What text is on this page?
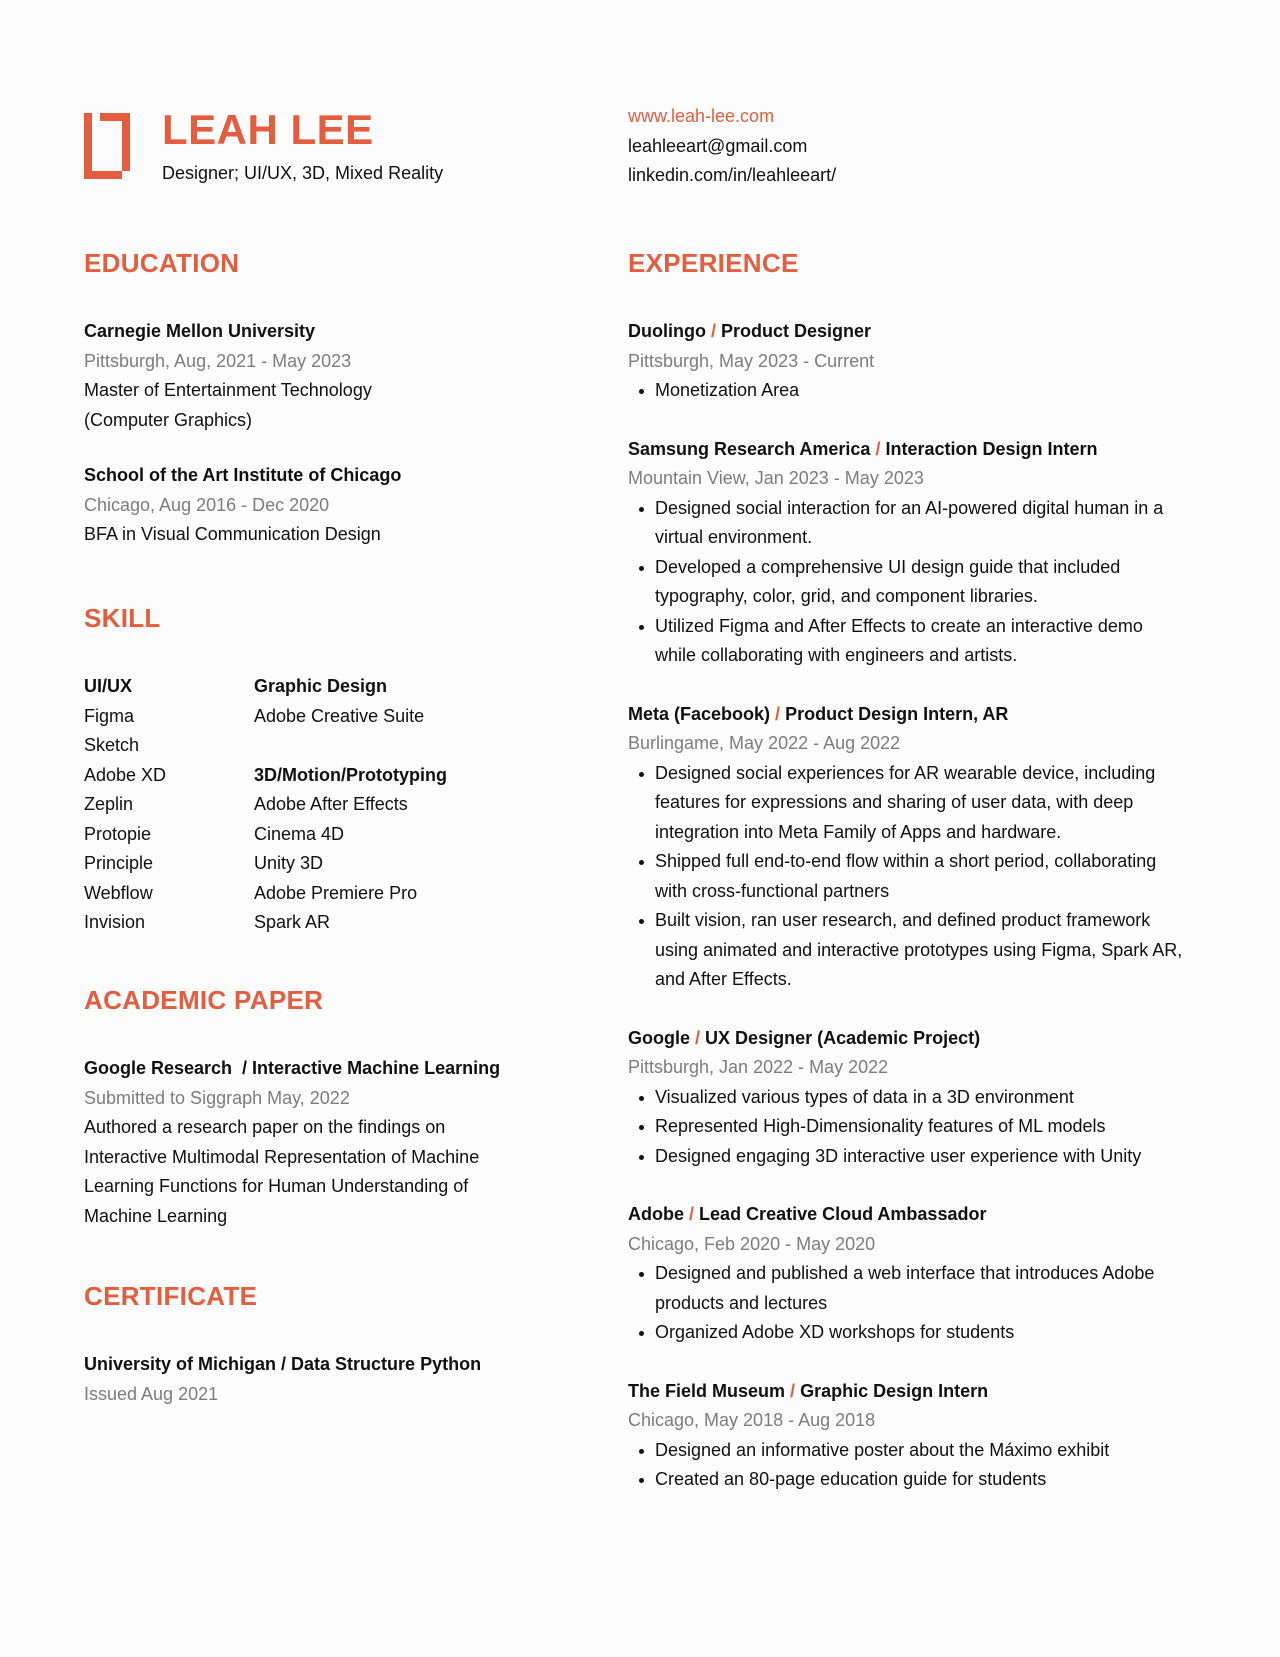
LEAH LEE
Designer; UI/UX, 3D, Mixed Reality
www.leah-lee.com
leahleeart@gmail.com
linkedin.com/in/leahleeart/
EDUCATION
Carnegie Mellon University
Pittsburgh, Aug, 2021 - May 2023
Master of Entertainment Technology
(Computer Graphics)
School of the Art Institute of Chicago
Chicago, Aug 2016 - Dec 2020
BFA in Visual Communication Design
SKILL
UI/UX
Figma
Sketch
Adobe XD
Zeplin
Protopie
Principle
Webflow
Invision
Graphic Design
Adobe Creative Suite
3D/Motion/Prototyping
Adobe After Effects
Cinema 4D
Unity 3D
Adobe Premiere Pro
Spark AR
ACADEMIC PAPER
Google Research  / Interactive Machine Learning
Submitted to Siggraph May, 2022
Authored a research paper on the findings on
Interactive Multimodal Representation of Machine
Learning Functions for Human Understanding of
Machine Learning
CERTIFICATE
University of Michigan / Data Structure Python
Issued Aug 2021
EXPERIENCE
Duolingo / Product Designer
Pittsburgh, May 2023 - Current
Monetization Area
Samsung Research America / Interaction Design Intern
Mountain View, Jan 2023 - May 2023
Designed social interaction for an AI-powered digital human in a
virtual environment.
Developed a comprehensive UI design guide that included
typography, color, grid, and component libraries.
Utilized Figma and After Effects to create an interactive demo
while collaborating with engineers and artists.
Meta (Facebook) / Product Design Intern, AR
Burlingame, May 2022 - Aug 2022
Designed social experiences for AR wearable device, including
features for expressions and sharing of user data, with deep
integration into Meta Family of Apps and hardware.
Shipped full end-to-end flow within a short period, collaborating
with cross-functional partners
Built vision, ran user research, and defined product framework
using animated and interactive prototypes using Figma, Spark AR,
and After Effects.
Google / UX Designer (Academic Project)
Pittsburgh, Jan 2022 - May 2022
Visualized various types of data in a 3D environment
Represented High-Dimensionality features of ML models
Designed engaging 3D interactive user experience with Unity
Adobe / Lead Creative Cloud Ambassador
Chicago, Feb 2020 - May 2020
Designed and published a web interface that introduces Adobe
products and lectures
Organized Adobe XD workshops for students
The Field Museum / Graphic Design Intern
Chicago, May 2018 - Aug 2018
Designed an informative poster about the Máximo exhibit
Created an 80-page education guide for students
